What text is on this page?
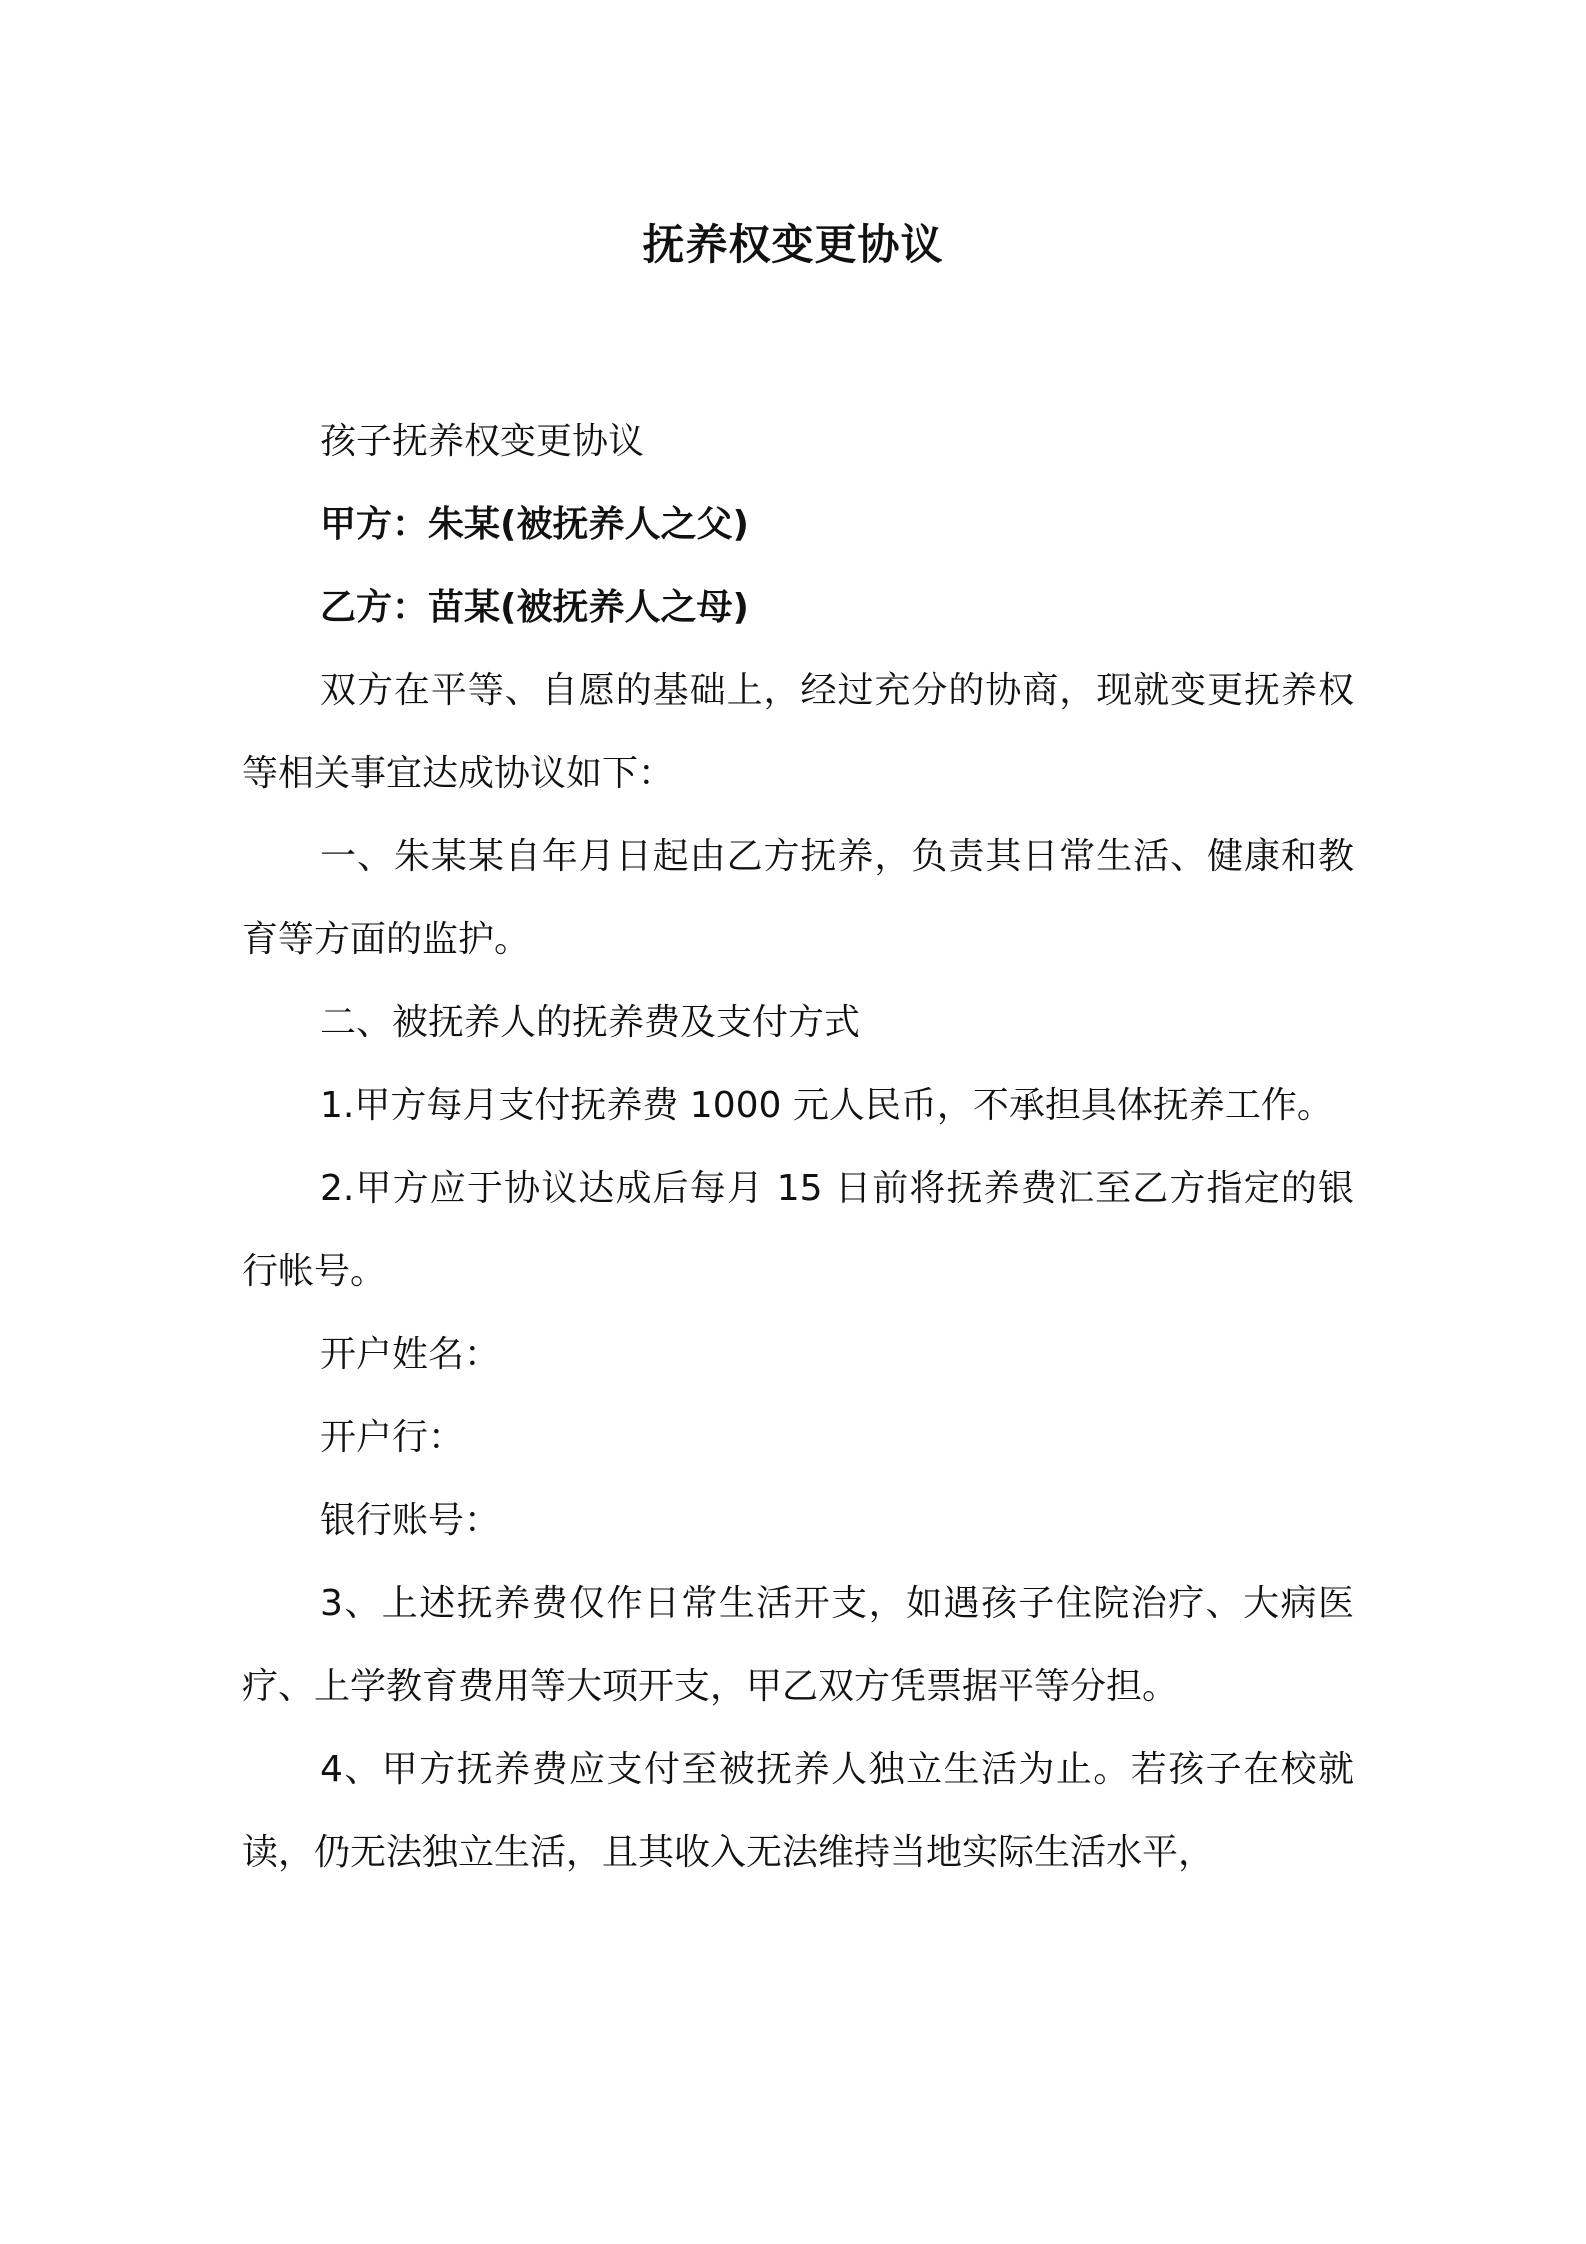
抚养权变更协议

孩子抚养权变更协议

甲方：朱某(被抚养人之父)

乙方：苗某(被抚养人之母)

双方在平等、自愿的基础上，经过充分的协商，现就变更抚养权等相关事宜达成协议如下：

一、朱某某自年月日起由乙方抚养，负责其日常生活、健康和教育等方面的监护。

二、被抚养人的抚养费及支付方式

1.甲方每月支付抚养费 1000 元人民币，不承担具体抚养工作。

2.甲方应于协议达成后每月 15 日前将抚养费汇至乙方指定的银行帐号。

开户姓名：

开户行：

银行账号：

3、上述抚养费仅作日常生活开支，如遇孩子住院治疗、大病医疗、上学教育费用等大项开支，甲乙双方凭票据平等分担。

4、甲方抚养费应支付至被抚养人独立生活为止。若孩子在校就读，仍无法独立生活，且其收入无法维持当地实际生活水平，
